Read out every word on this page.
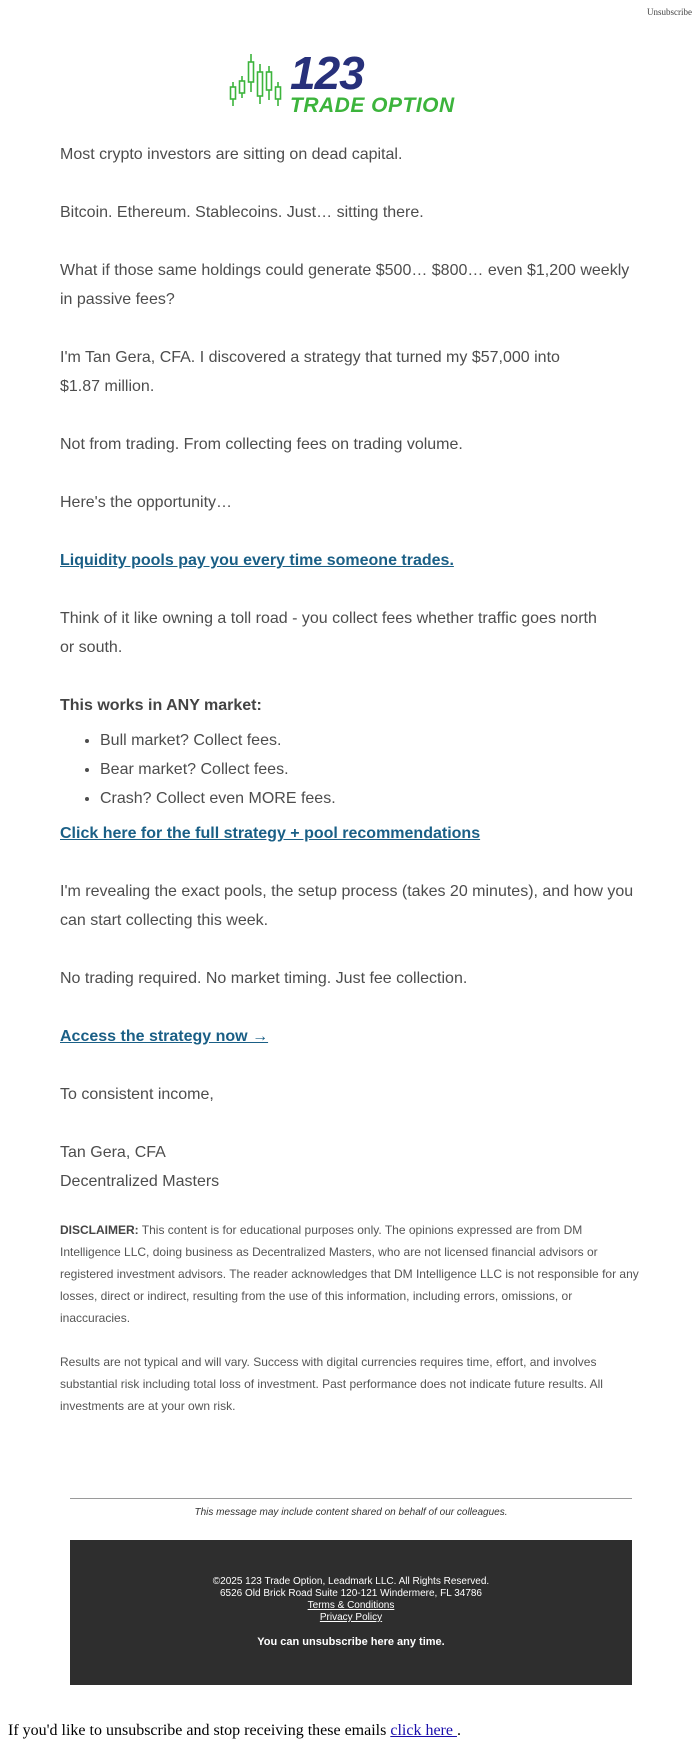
Unsubscribe
123
TRADE OPTION

Most crypto investors are sitting on dead capital.

Bitcoin. Ethereum. Stablecoins. Just… sitting there.

What if those same holdings could generate $500… $800… even $1,200 weekly in passive fees?

I'm Tan Gera, CFA. I discovered a strategy that turned my $57,000 into $1.87 million.

Not from trading. From collecting fees on trading volume.

Here's the opportunity…

Liquidity pools pay you every time someone trades.

Think of it like owning a toll road - you collect fees whether traffic goes north or south.

This works in ANY market:

• Bull market? Collect fees.
• Bear market? Collect fees.
• Crash? Collect even MORE fees.

Click here for the full strategy + pool recommendations

I'm revealing the exact pools, the setup process (takes 20 minutes), and how you can start collecting this week.

No trading required. No market timing. Just fee collection.

Access the strategy now →

To consistent income,

Tan Gera, CFA

Decentralized Masters

DISCLAIMER: This content is for educational purposes only. The opinions expressed are from DM Intelligence LLC, doing business as Decentralized Masters, who are not licensed financial advisors or registered investment advisors. The reader acknowledges that DM Intelligence LLC is not responsible for any losses, direct or indirect, resulting from the use of this information, including errors, omissions, or inaccuracies.

Results are not typical and will vary. Success with digital currencies requires time, effort, and involves substantial risk including total loss of investment. Past performance does not indicate future results. All investments are at your own risk.

This message may include content shared on behalf of our colleagues.
©2025 123 Trade Option, Leadmark LLC. All Rights Reserved.
6526 Old Brick Road Suite 120-121 Windermere, FL 34786
Terms & Conditions
Privacy Policy
You can unsubscribe here any time.
If you'd like to unsubscribe and stop receiving these emails click here .
